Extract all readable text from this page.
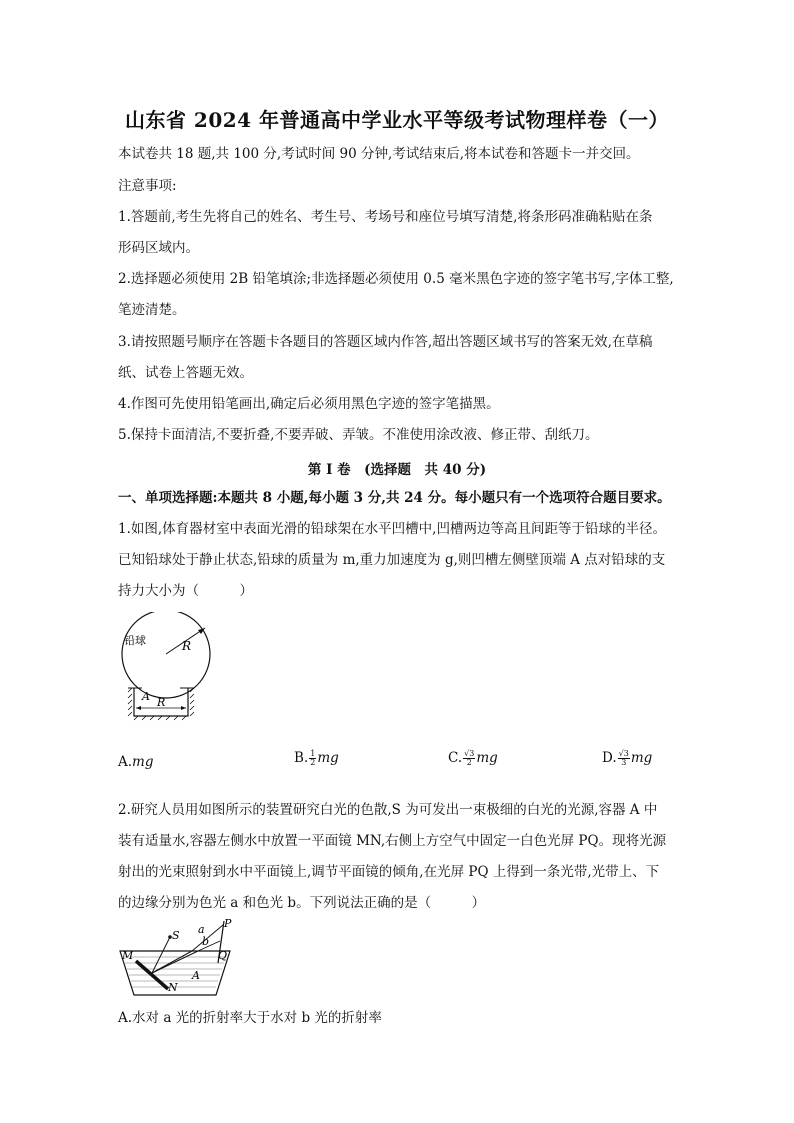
山东省 2024 年普通高中学业水平等级考试物理样卷（一）
本试卷共 18 题,共 100 分,考试时间 90 分钟,考试结束后,将本试卷和答题卡一并交回。
注意事项:
1.答题前,考生先将自己的姓名、考生号、考场号和座位号填写清楚,将条形码准确粘贴在条
形码区域内。
2.选择题必须使用 2B 铅笔填涂;非选择题必须使用 0.5 毫米黑色字迹的签字笔书写,字体工整,
笔迹清楚。
3.请按照题号顺序在答题卡各题目的答题区域内作答,超出答题区域书写的答案无效,在草稿
纸、试卷上答题无效。
4.作图可先使用铅笔画出,确定后必须用黑色字迹的签字笔描黑。
5.保持卡面清洁,不要折叠,不要弄破、弄皱。不准使用涂改液、修正带、刮纸刀。
第 I 卷　(选择题　共 40 分)
一、单项选择题:本题共 8 小题,每小题 3 分,共 24 分。每小题只有一个选项符合题目要求。
1.如图,体育器材室中表面光滑的铅球架在水平凹槽中,凹槽两边等高且间距等于铅球的半径。
已知铅球处于静止状态,铅球的质量为 m,重力加速度为 g,则凹槽左侧壁顶端 A 点对铅球的支
持力大小为（　　　）
铅球	R
A R
A.mg	B. $\frac{1}{2}$ mg	C. $\frac{√3}{2}$ mg	D. $\frac{√3}{3}$ mg
2.研究人员用如图所示的装置研究白光的色散,S 为可发出一束极细的白光的光源,容器 A 中
装有适量水,容器左侧水中放置一平面镜 MN,右侧上方空气中固定一白色光屏 PQ。现将光源
射出的光束照射到水中平面镜上,调节平面镜的倾角,在光屏 PQ 上得到一条光带,光带上、下
的边缘分别为色光 a 和色光 b。下列说法正确的是（　　　）
P
S a
b
M	Q
A
N
A.水对 a 光的折射率大于水对 b 光的折射率
